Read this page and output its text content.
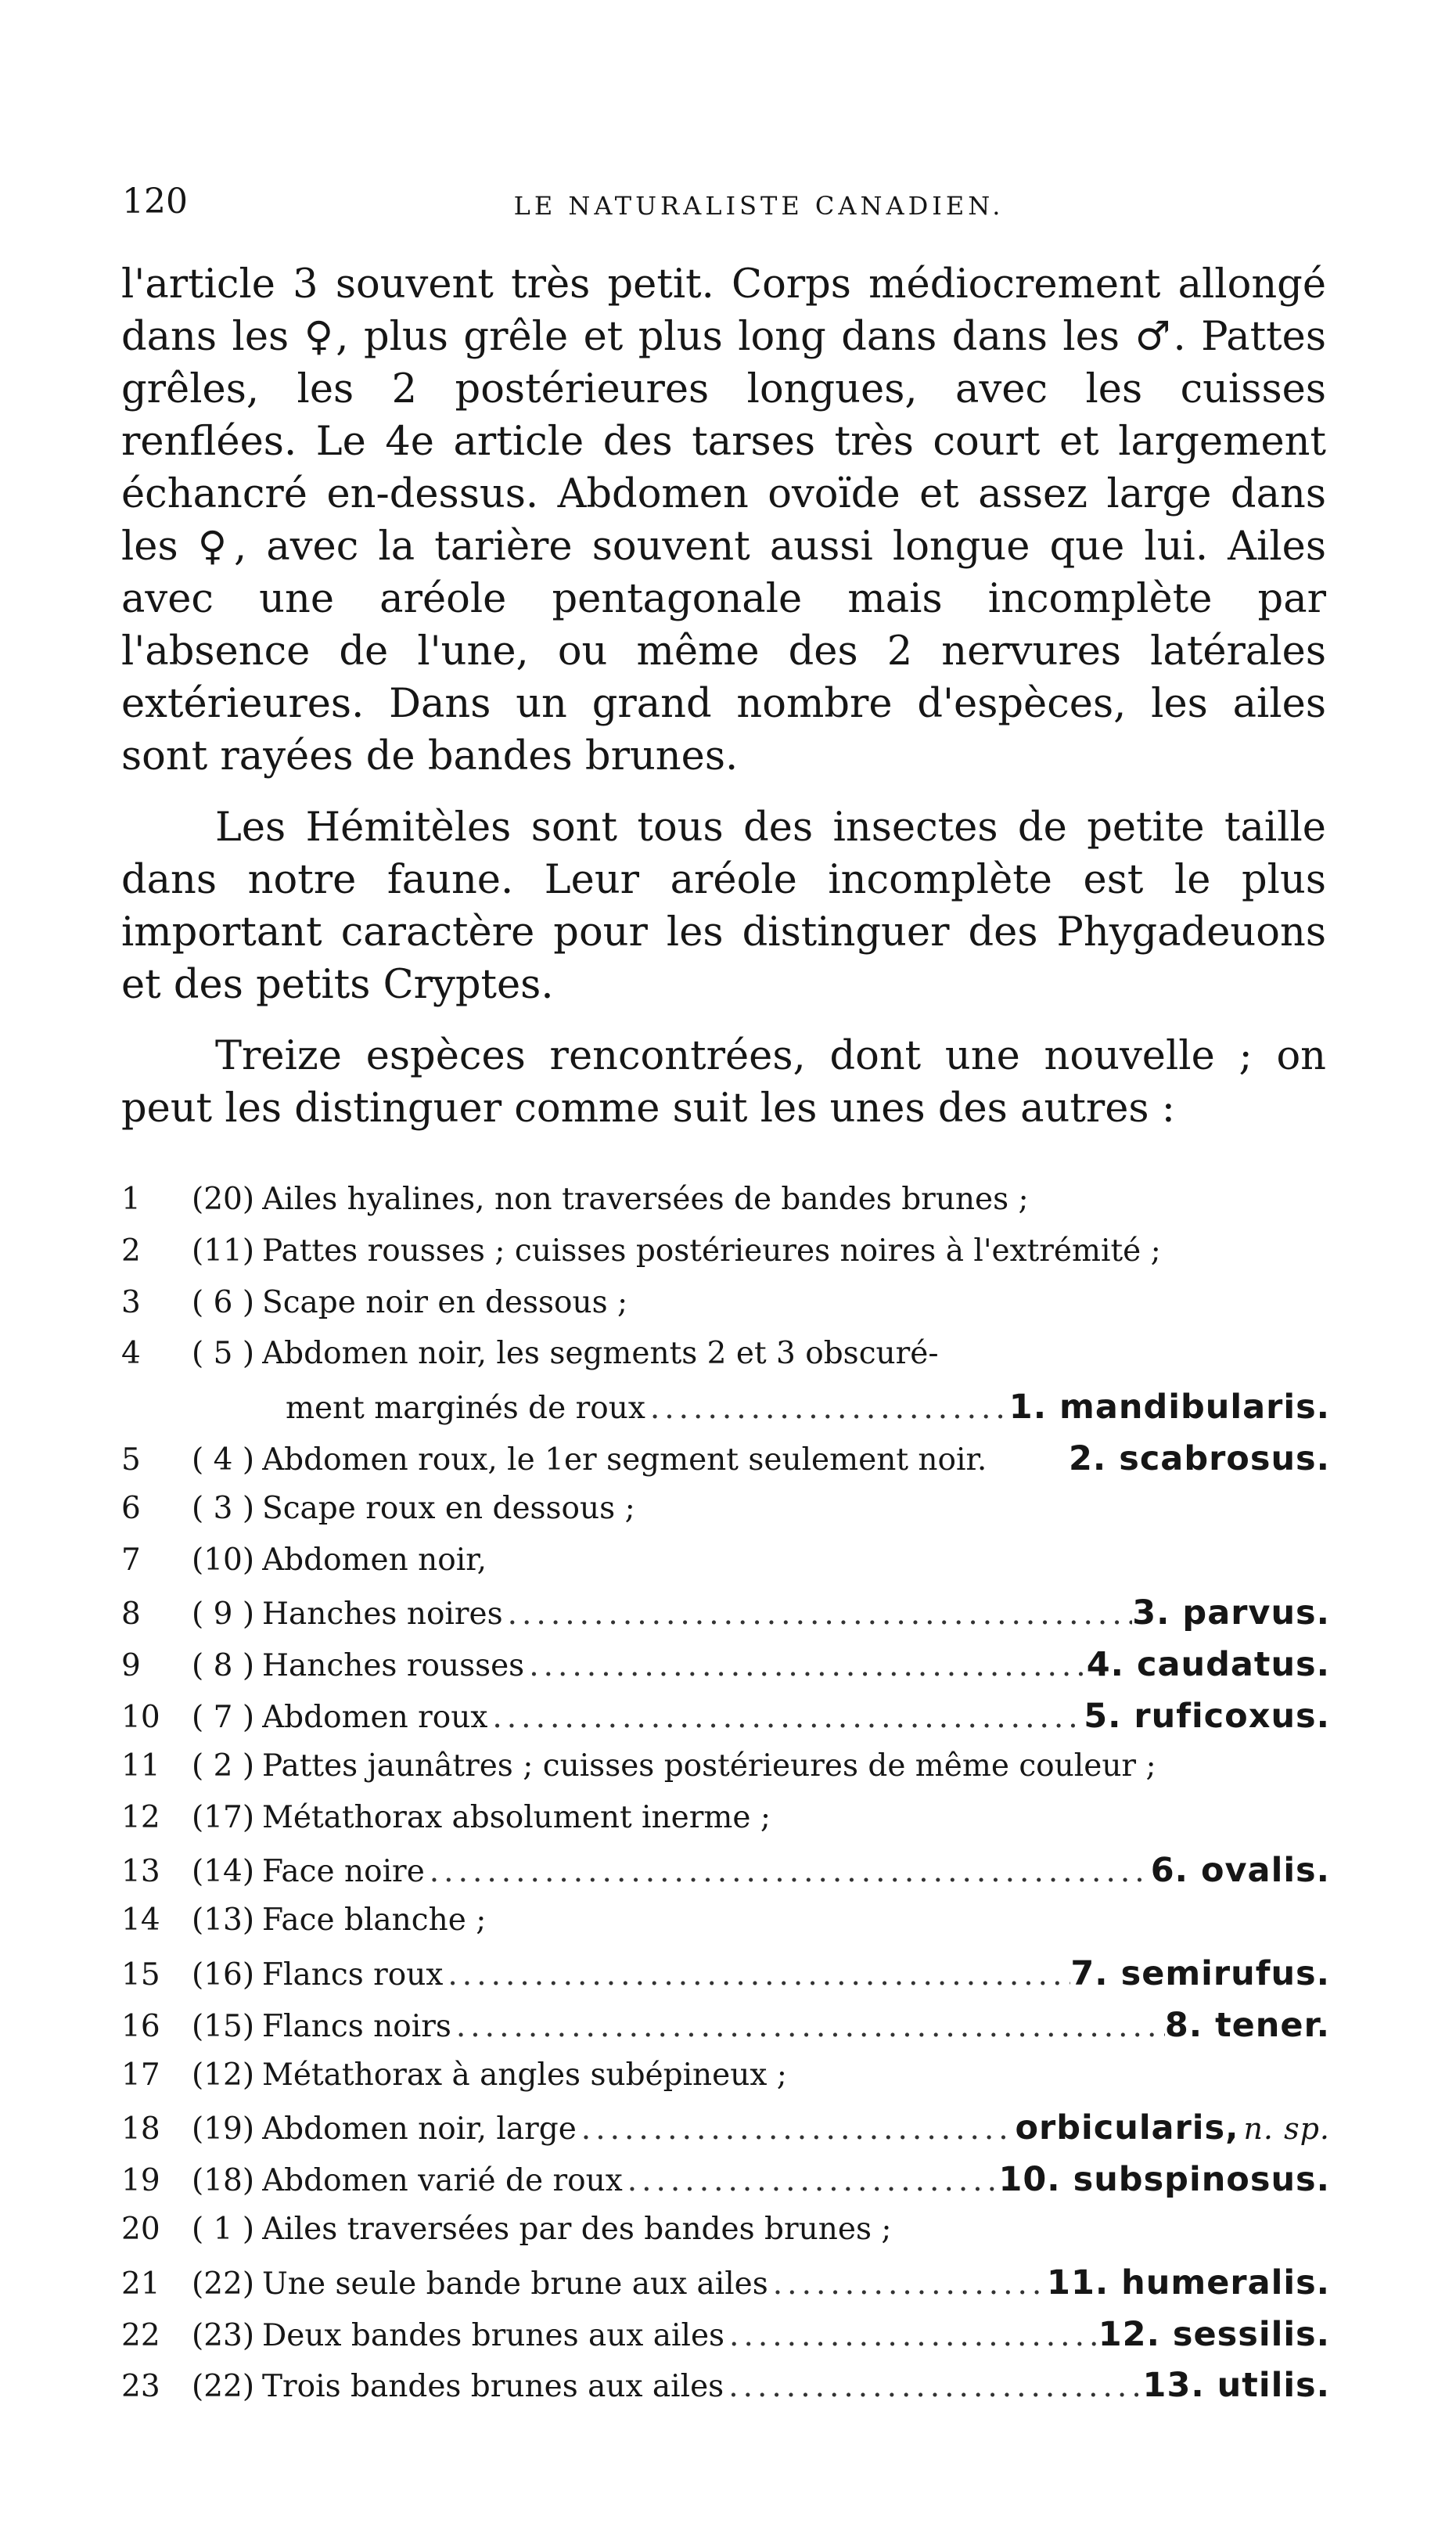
120	LE NATURALISTE CANADIEN.

l'article 3 souvent très petit. Corps médiocrement allongé dans les ♀, plus grêle et plus long dans dans les ♂. Pattes grêles, les 2 postérieures longues, avec les cuisses renflées. Le 4e article des tarses très court et largement échancré en-dessus. Abdomen ovoïde et assez large dans les ♀, avec la tarière souvent aussi longue que lui. Ailes avec une aréole pentagonale mais incomplète par l'absence de l'une, ou même des 2 nervures latérales extérieures. Dans un grand nombre d'espèces, les ailes sont rayées de bandes brunes.

Les Hémitèles sont tous des insectes de petite taille dans notre faune. Leur aréole incomplète est le plus important caractère pour les distinguer des Phygadeuons et des petits Cryptes.

Treize espèces rencontrées, dont une nouvelle ; on peut les distinguer comme suit les unes des autres :

1	(20) Ailes hyalines, non traversées de bandes brunes ;
2	(11) Pattes rousses ; cuisses postérieures noires à l'extrémité ;
3	( 6 ) Scape noir en dessous ;
4	( 5 ) Abdomen noir, les segments 2 et 3 obscuré-
ment marginés de roux .....	1. mandibularis.
5	( 4 ) Abdomen roux, le 1er segment seulement noir. 2. scabrosus.
6	( 3 ) Scape roux en dessous ;
7	(10) Abdomen noir,
8	( 9 ) Hanches noires .....	3. parvus.
9	( 8 ) Hanches rousses .....	4. caudatus.
10	( 7 ) Abdomen roux .....	5. ruficoxus.
11	( 2 ) Pattes jaunâtres ; cuisses postérieures de même couleur ;
12	(17) Métathorax absolument inerme ;
13	(14) Face noire .....	6. ovalis.
14	(13) Face blanche ;
15	(16) Flancs roux .....	7. semirufus.
16	(15) Flancs noirs .....	8. tener.
17	(12) Métathorax à angles subépineux ;
18	(19) Abdomen noir, large .....	orbicularis, n. sp.
19	(18) Abdomen varié de roux .....	10. subspinosus.
20	( 1 ) Ailes traversées par des bandes brunes ;
21	(22) Une seule bande brune aux ailes .....	11. humeralis.
22	(23) Deux bandes brunes aux ailes .....	12. sessilis.
23	(22) Trois bandes brunes aux ailes .....	13. utilis.
